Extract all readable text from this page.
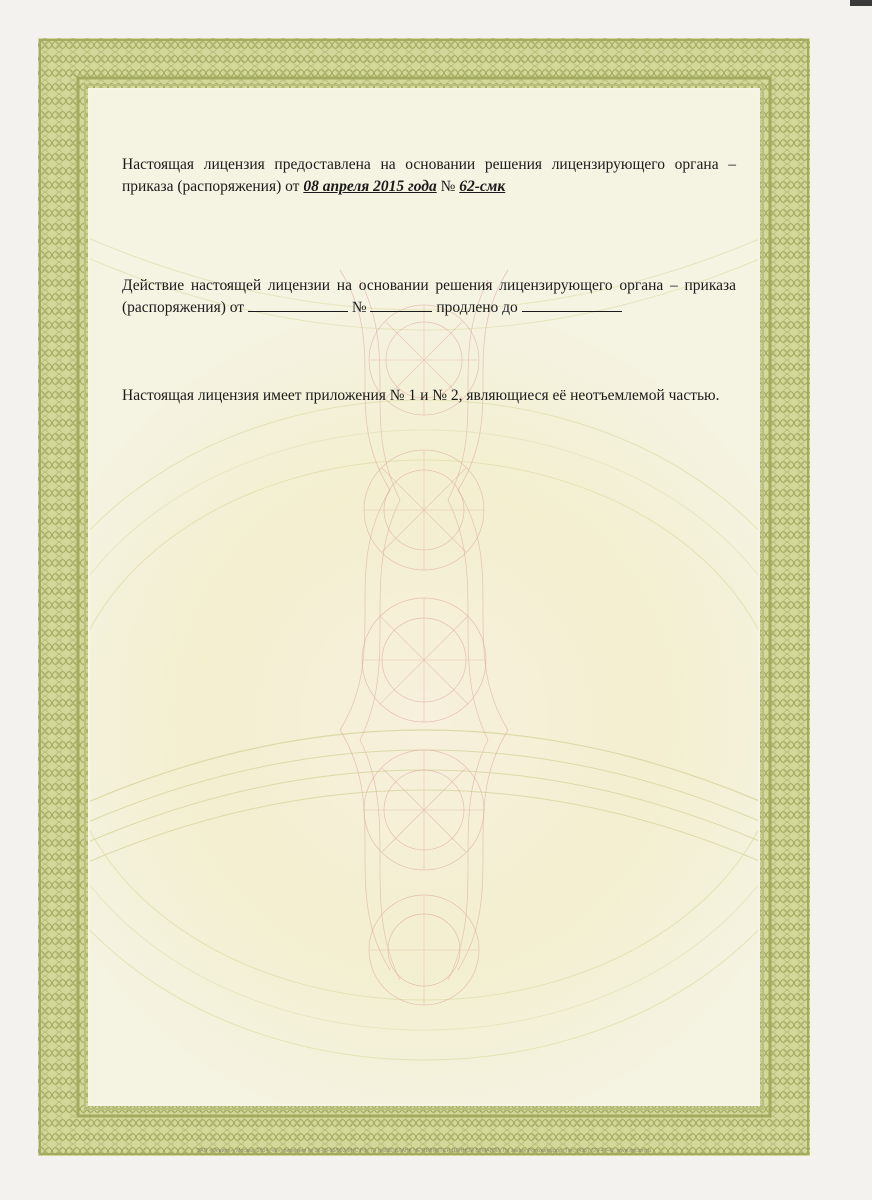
Настоящая лицензия предоставлена на основании решения лицензирующего органа – приказа (распоряжения) от 08 апреля 2015 года № 62-смк
Действие настоящей лицензии на основании решения лицензирующего органа – приказа (распоряжения) от	№	продлено до
Настоящая лицензия имеет приложения № 1 и № 2, являющиеся её неотъемлемой частью.
ЗАО «Опцион», Москва, 2014, «Б», лицензия № 05-05-09/003 ФНС РФ, ТЗ №808, БЛАНК НЕ ЯВЛЯЕТСЯ ЦЕННОЙ БУМАГОЙ. По заказу Роскомнадзор. Тел. (495) 726-47-42, www.opcion.ru
